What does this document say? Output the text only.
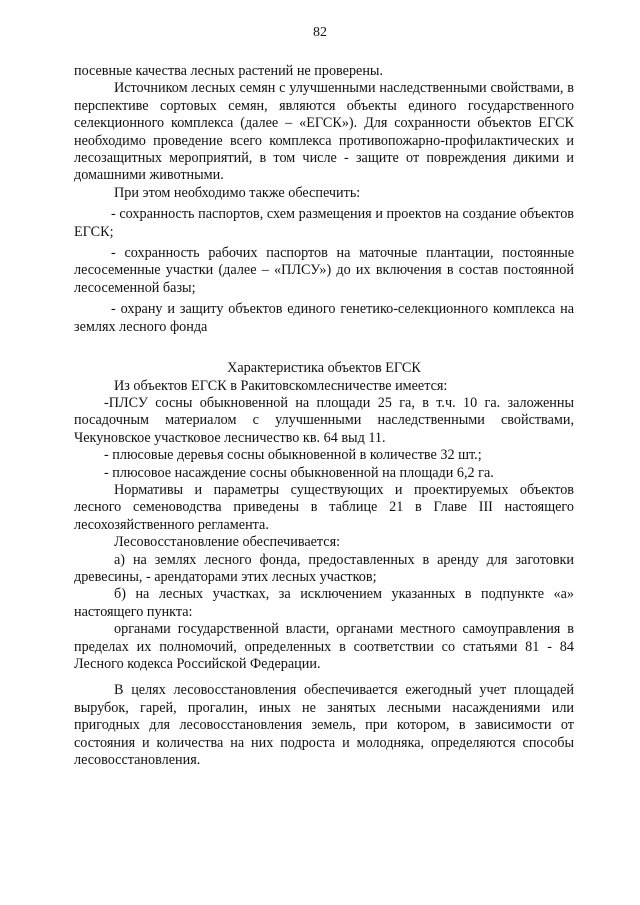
82

посевные качества лесных растений не проверены.

Источником лесных семян с улучшенными наследственными свойствами, в перспективе сортовых семян, являются объекты единого государственного селекционного комплекса (далее – «ЕГСК»). Для сохранности объектов ЕГСК необходимо проведение всего комплекса противопожарно-профилактических и лесозащитных мероприятий, в том числе - защите от повреждения дикими и домашними животными.

При этом необходимо также обеспечить:

- сохранность паспортов, схем размещения и проектов на создание объектов ЕГСК;

- сохранность рабочих паспортов на маточные плантации, постоянные лесосеменные участки (далее – «ПЛСУ») до их включения в состав постоянной лесосеменной базы;

- охрану и защиту объектов единого генетико-селекционного комплекса на землях лесного фонда

Характеристика объектов ЕГСК

Из объектов ЕГСК в Ракитовскомлесничестве имеется:

-ПЛСУ сосны обыкновенной на площади 25 га, в т.ч. 10 га. заложенны посадочным материалом с улучшенными наследственными свойствами, Чекуновское участковое лесничество кв. 64 выд 11.

- плюсовые деревья сосны обыкновенной в количестве 32 шт.;

- плюсовое насаждение сосны обыкновенной на площади 6,2 га.

Нормативы и параметры существующих и проектируемых объектов лесного семеноводства приведены в таблице 21 в Главе III настоящего лесохозяйственного регламента.

Лесовосстановление обеспечивается:

а) на землях лесного фонда, предоставленных в аренду для заготовки древесины, - арендаторами этих лесных участков;

б) на лесных участках, за исключением указанных в подпункте «а» настоящего пункта:

органами государственной власти, органами местного самоуправления в пределах их полномочий, определенных в соответствии со статьями 81 - 84 Лесного кодекса Российской Федерации.

В целях лесовосстановления обеспечивается ежегодный учет площадей вырубок, гарей, прогалин, иных не занятых лесными насаждениями или пригодных для лесовосстановления земель, при котором, в зависимости от состояния и количества на них подроста и молодняка, определяются способы лесовосстановления.
